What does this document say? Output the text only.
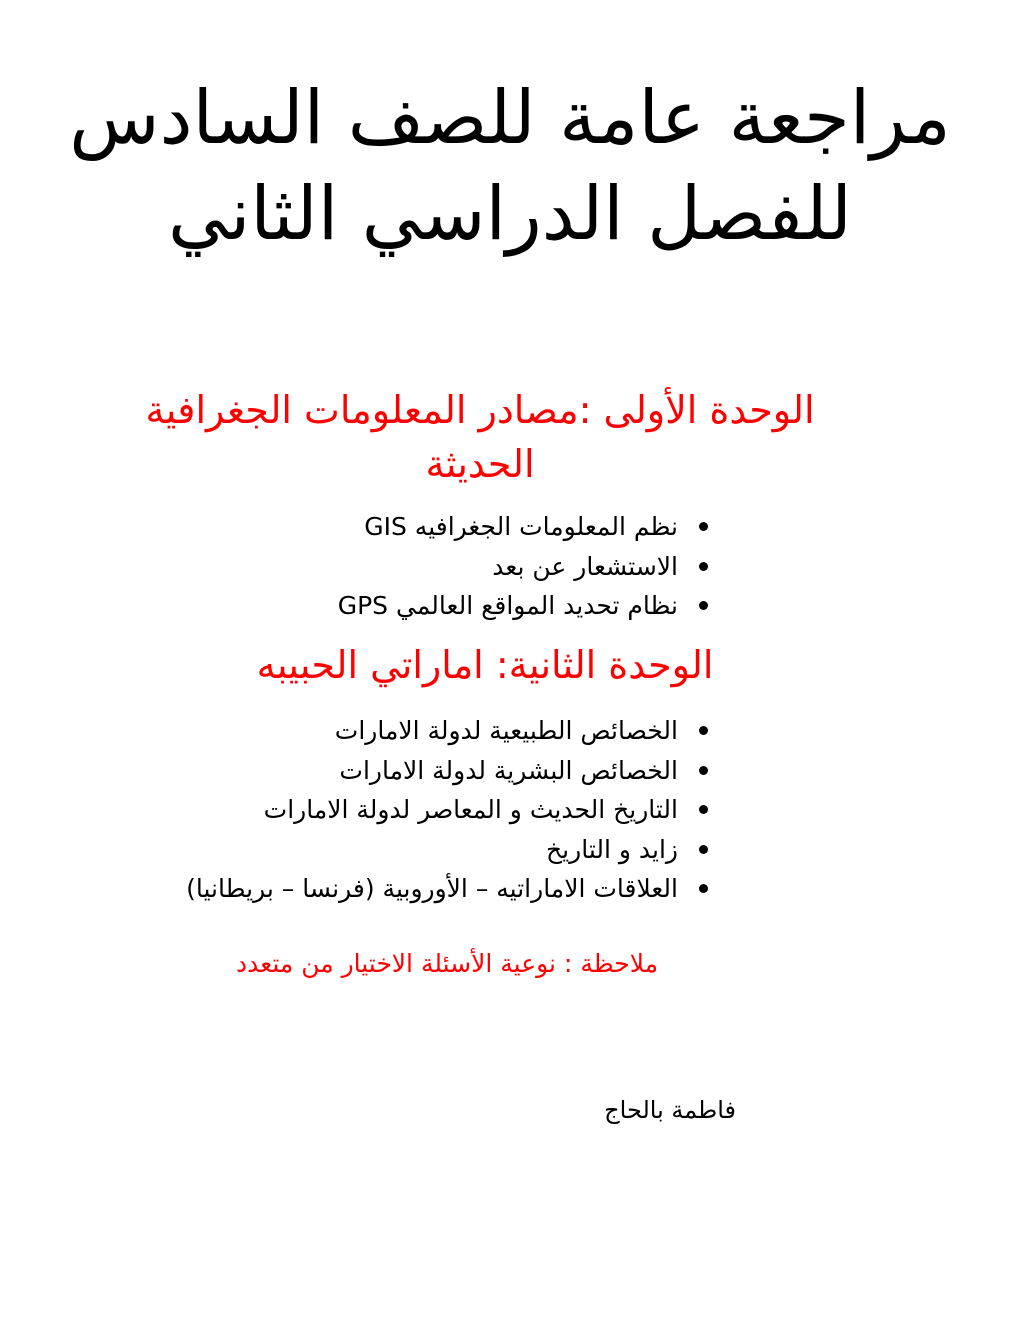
مراجعة عامة للصف السادس للفصل الدراسي الثاني
الوحدة الأولى :مصادر المعلومات الجغرافية الحديثة
نظم المعلومات الجغرافيه GIS
الاستشعار عن بعد
نظام تحديد المواقع العالمي GPS
الوحدة الثانية: اماراتي الحبيبه
الخصائص الطبيعية لدولة الامارات
الخصائص البشرية لدولة الامارات
التاريخ الحديث و المعاصر لدولة الامارات
زايد و التاريخ
العلاقات الاماراتيه – الأوروبية (فرنسا – بريطانيا)

ملاحظة : نوعية الأسئلة الاختيار من متعدد

فاطمة بالحاج
